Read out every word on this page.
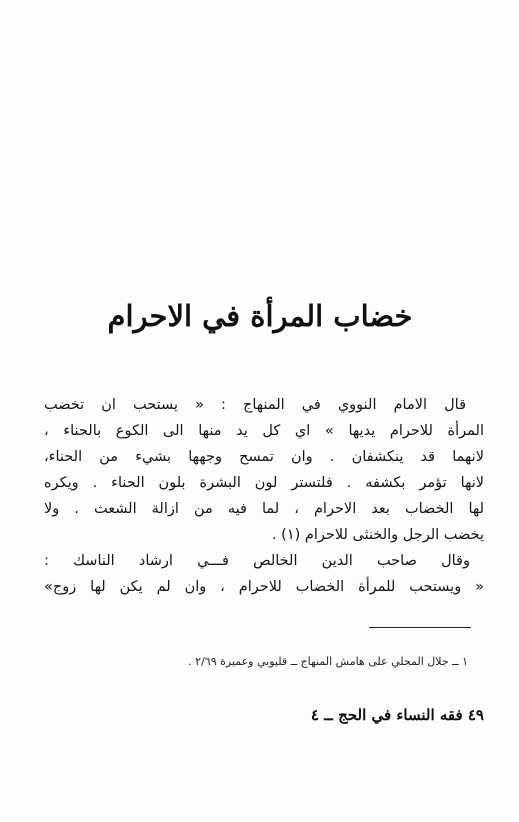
خضاب المرأة في الاحرام
قال الامام النووي في المنهاج : « يستحب ان تخضب
المرأة للاحرام يديها » اي كل يد منها الى الكوع بالحناء ،
لانهما قد ينكشفان . وان تمسح وجهها بشيء من الحناء،
لانها تؤمر بكشفه . فلتستر لون البشرة بلون الحناء . ويكره
لها الخضاب بعد الاحرام ، لما فيه من ازالة الشعث . ولا
يخضب الرجل والخنثى للاحرام (١) .
وقال صاحب الدين الخالص فـــي ارشاد الناسك :
« ويستحب للمرأة الخضاب للاحرام ، وان لم يكن لها زوج»
١ ــ جلال المحلي على هامش المنهاج ــ قليوبي وعميرة ٢/٦٩ .
٤٩ فقه النساء في الحج ــ ٤
